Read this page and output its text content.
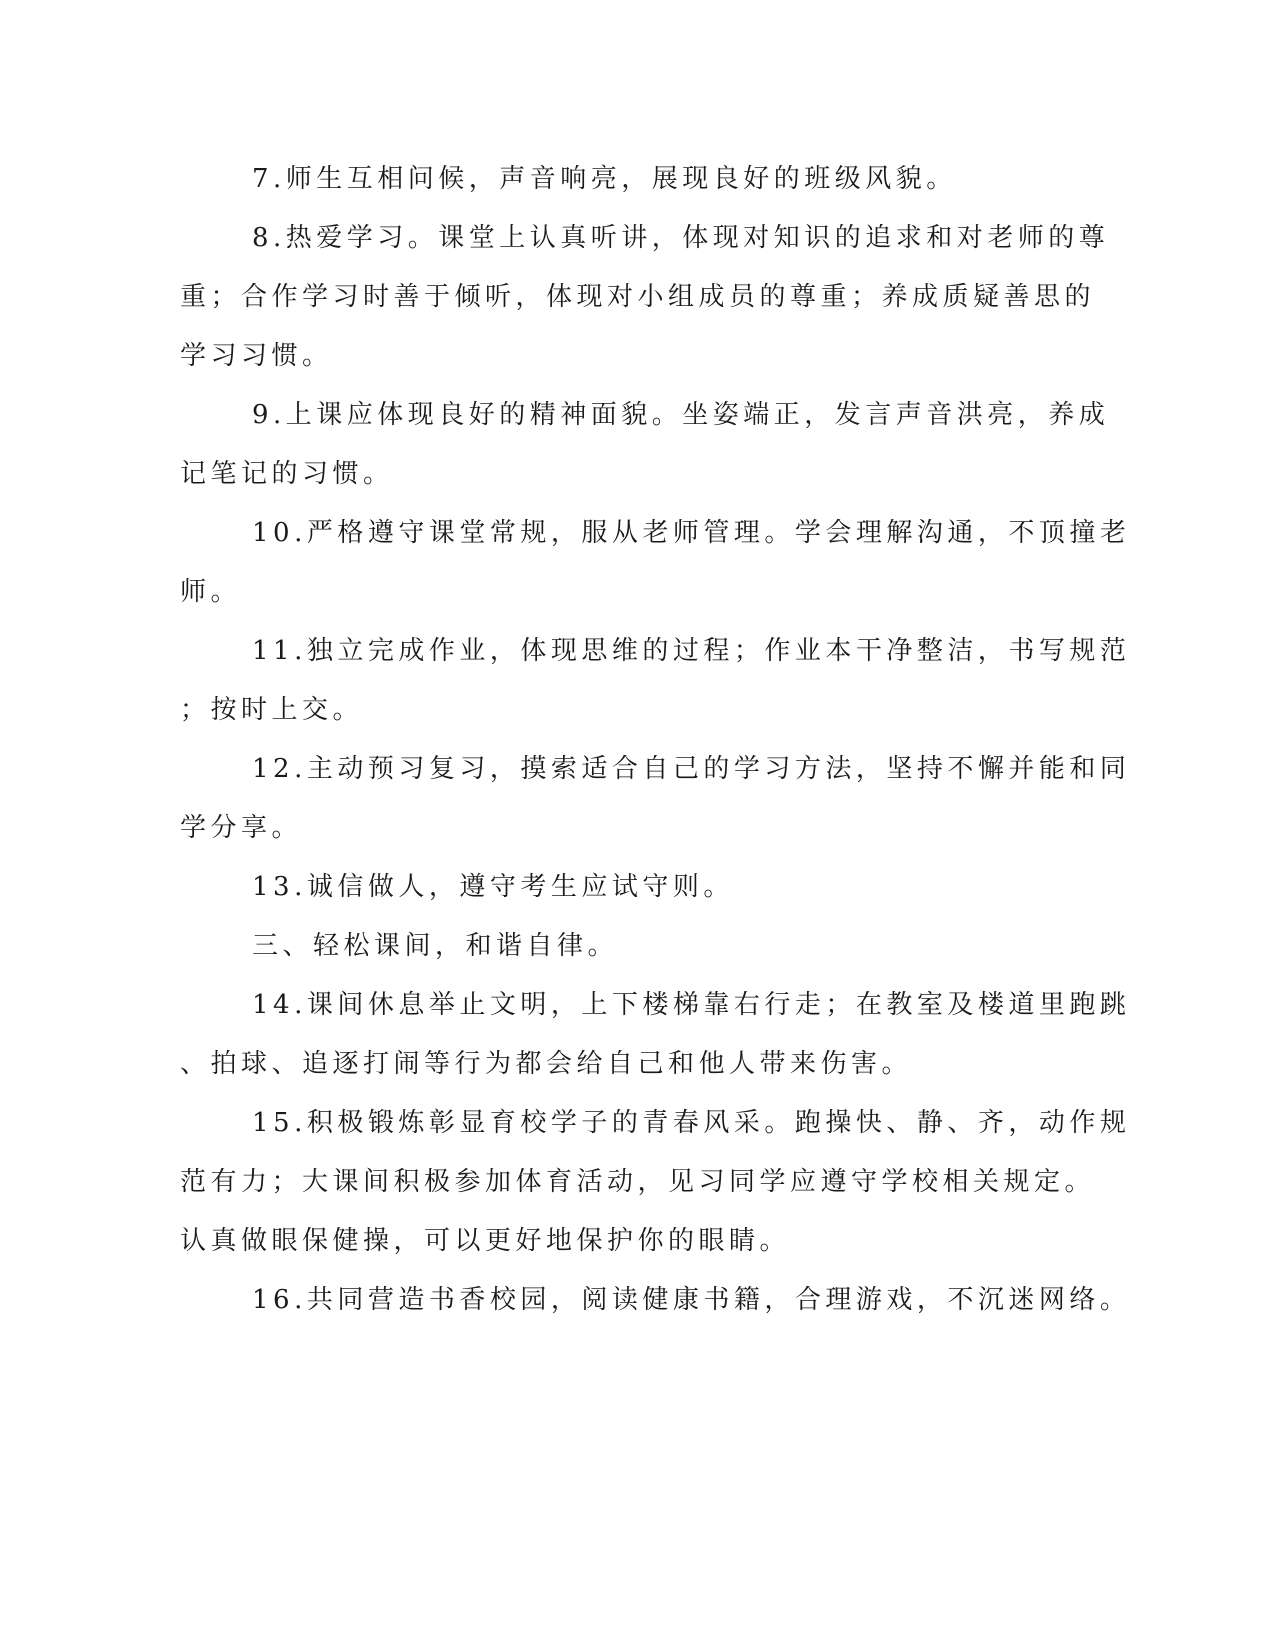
7.师生互相问候，声音响亮，展现良好的班级风貌。
8.热爱学习。课堂上认真听讲，体现对知识的追求和对老师的尊
重；合作学习时善于倾听，体现对小组成员的尊重；养成质疑善思的
学习习惯。
9.上课应体现良好的精神面貌。坐姿端正，发言声音洪亮，养成
记笔记的习惯。
10.严格遵守课堂常规，服从老师管理。学会理解沟通，不顶撞老
师。
11.独立完成作业，体现思维的过程；作业本干净整洁，书写规范
；按时上交。
12.主动预习复习，摸索适合自己的学习方法，坚持不懈并能和同
学分享。
13.诚信做人，遵守考生应试守则。
三、轻松课间，和谐自律。
14.课间休息举止文明，上下楼梯靠右行走；在教室及楼道里跑跳
、拍球、追逐打闹等行为都会给自己和他人带来伤害。
15.积极锻炼彰显育校学子的青春风采。跑操快、静、齐，动作规
范有力；大课间积极参加体育活动，见习同学应遵守学校相关规定。
认真做眼保健操，可以更好地保护你的眼睛。
16.共同营造书香校园，阅读健康书籍，合理游戏，不沉迷网络。
